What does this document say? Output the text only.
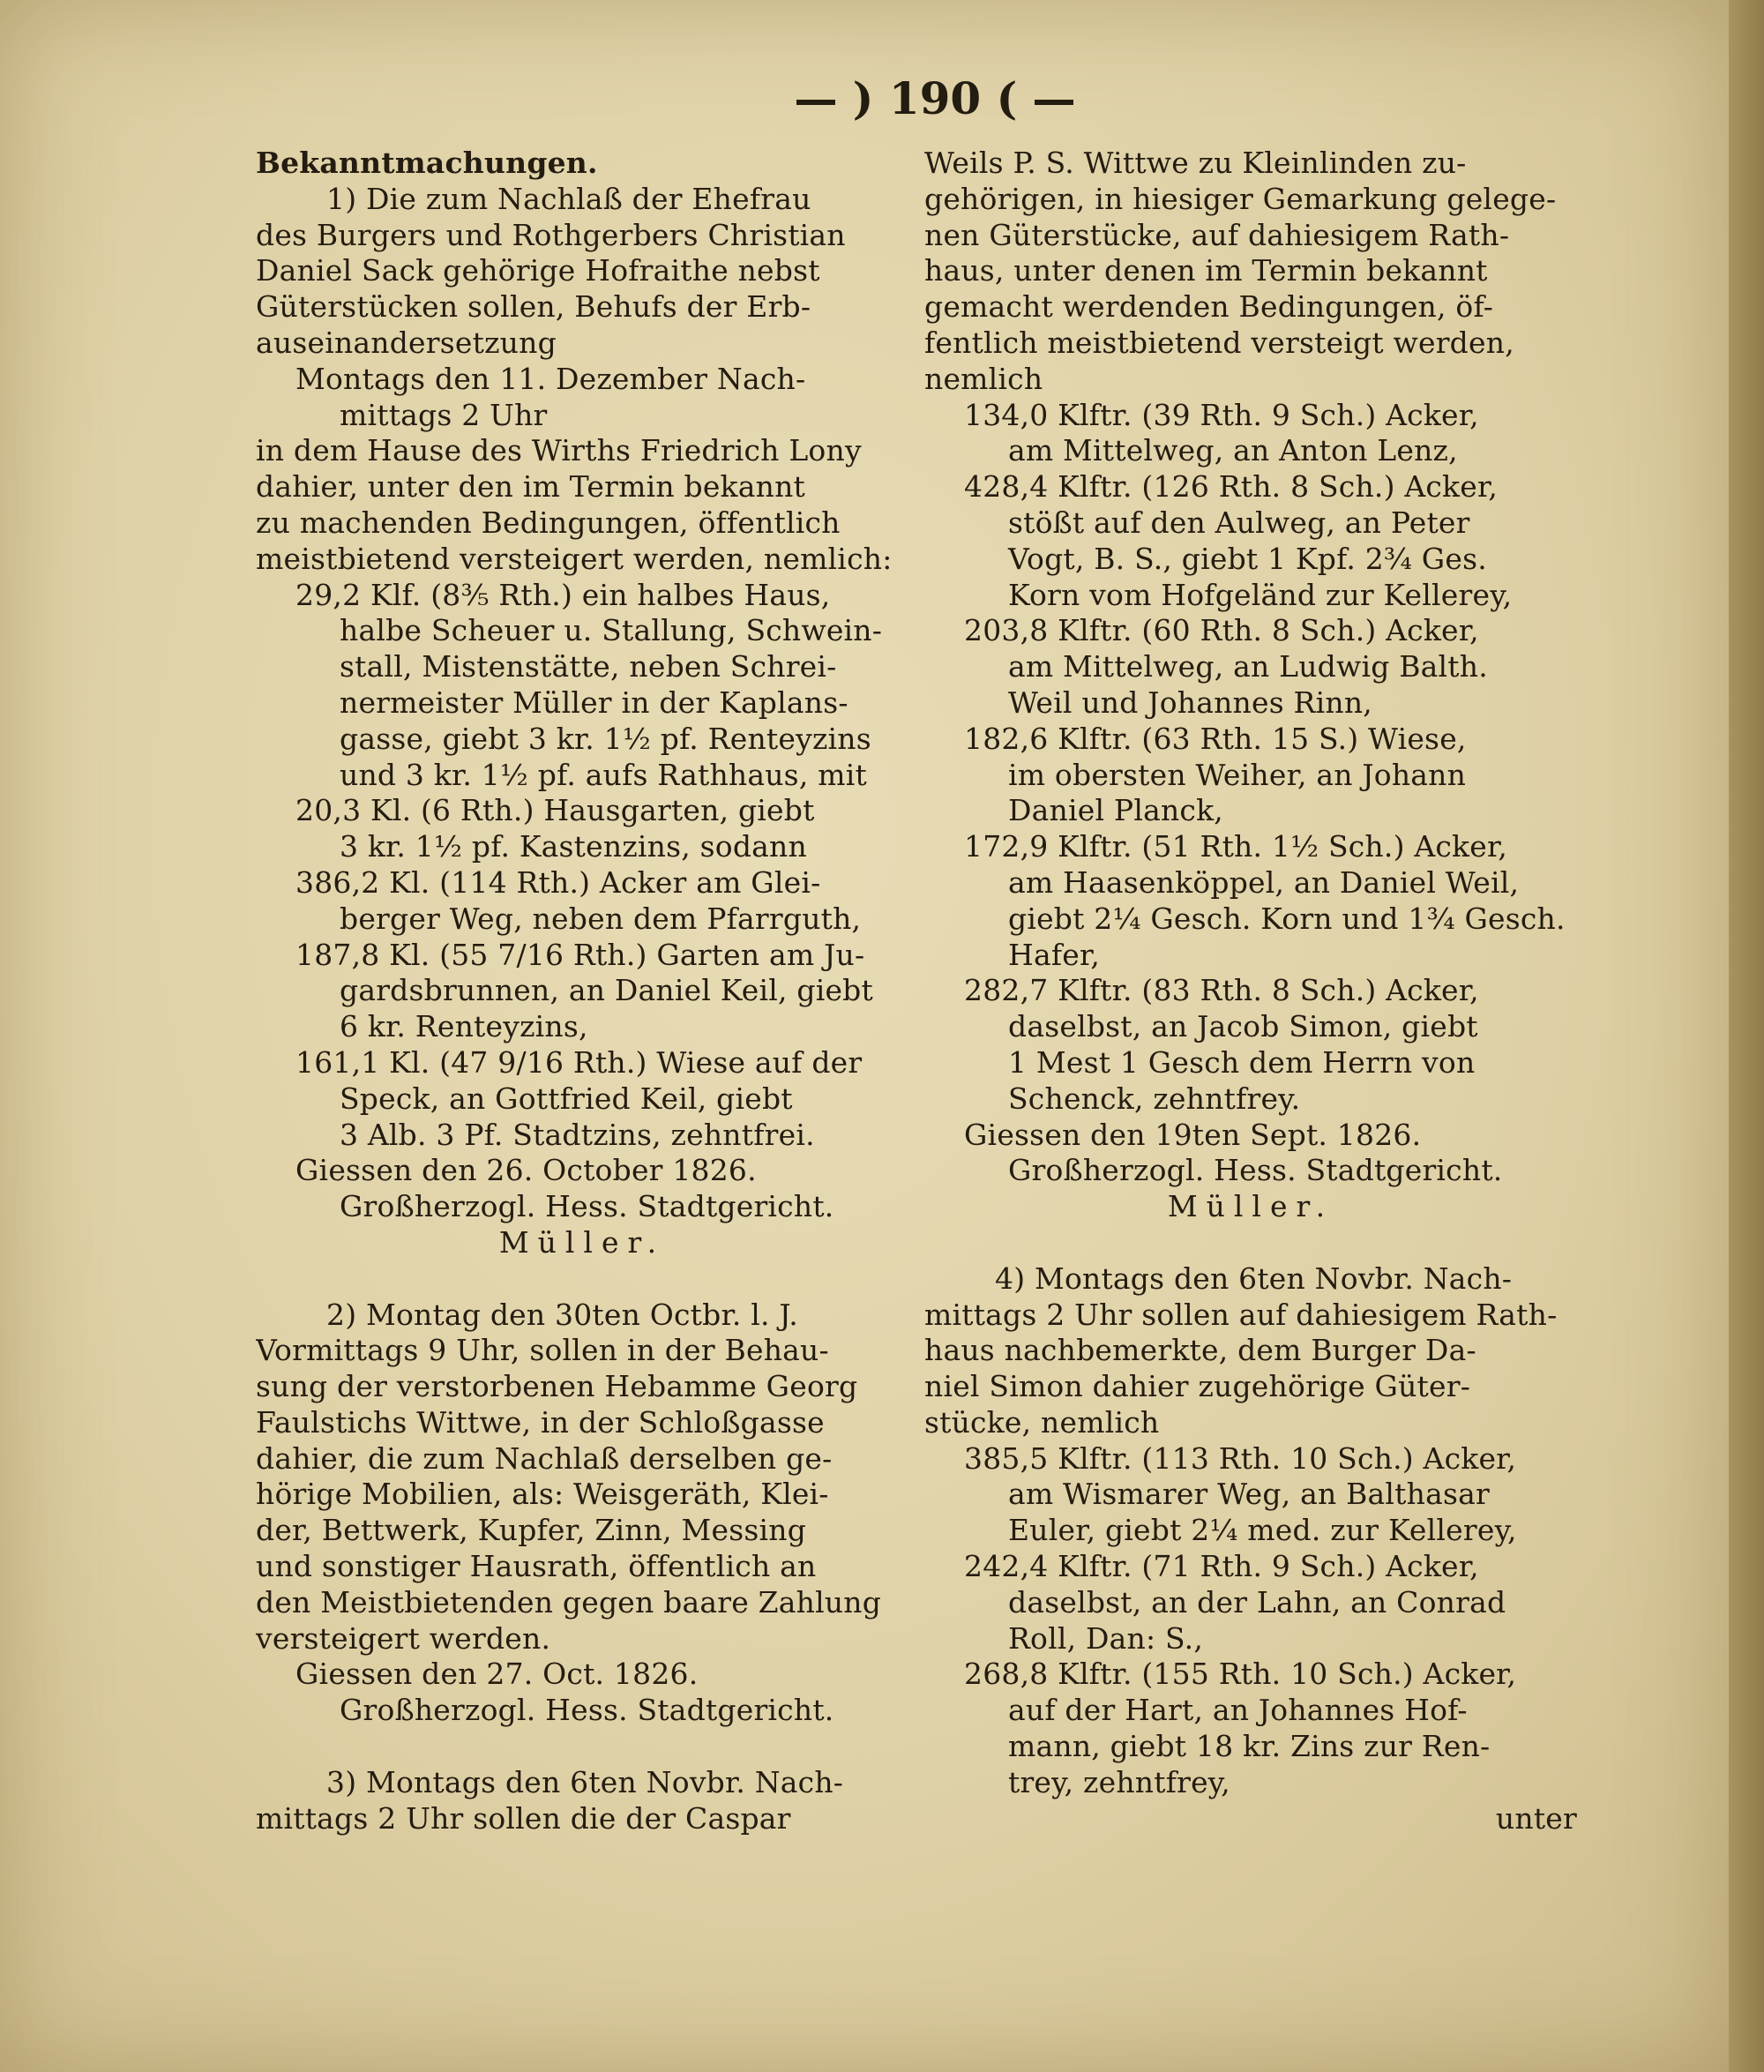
) 190 (
Bekanntmachungen.
1) Die zum Nachlaß der Ehefrau
des Burgers und Rothgerbers Christian
Daniel Sack gehörige Hofraithe nebst
Güterstücken sollen, Behufs der Erb-
auseinandersetzung
Montags den 11. Dezember Nach-
mittags 2 Uhr
in dem Hause des Wirths Friedrich Lony
dahier, unter den im Termin bekannt
zu machenden Bedingungen, öffentlich
meistbietend versteigert werden, nemlich:
29,2 Klf. (8⅗ Rth.) ein halbes Haus,
halbe Scheuer u. Stallung, Schwein-
stall, Mistenstätte, neben Schrei-
nermeister Müller in der Kaplans-
gasse, giebt 3 kr. 1½ pf. Renteyzins
und 3 kr. 1½ pf. aufs Rathhaus, mit
20,3 Kl. (6 Rth.) Hausgarten, giebt
3 kr. 1½ pf. Kastenzins, sodann
386,2 Kl. (114 Rth.) Acker am Glei-
berger Weg, neben dem Pfarrguth,
187,8 Kl. (55 7/16 Rth.) Garten am Ju-
gardsbrunnen, an Daniel Keil, giebt
6 kr. Renteyzins,
161,1 Kl. (47 9/16 Rth.) Wiese auf der
Speck, an Gottfried Keil, giebt
3 Alb. 3 Pf. Stadtzins, zehntfrei.
Giessen den 26. October 1826.
Großherzogl. Hess. Stadtgericht.
Müller.
2) Montag den 30ten Octbr. l. J.
Vormittags 9 Uhr, sollen in der Behau-
sung der verstorbenen Hebamme Georg
Faulstichs Wittwe, in der Schloßgasse
dahier, die zum Nachlaß derselben ge-
hörige Mobilien, als: Weisgeräth, Klei-
der, Bettwerk, Kupfer, Zinn, Messing
und sonstiger Hausrath, öffentlich an
den Meistbietenden gegen baare Zahlung
versteigert werden.
Giessen den 27. Oct. 1826.
Großherzogl. Hess. Stadtgericht.
3) Montags den 6ten Novbr. Nach-
mittags 2 Uhr sollen die der Caspar
Weils P. S. Wittwe zu Kleinlinden zu-
gehörigen, in hiesiger Gemarkung gelege-
nen Güterstücke, auf dahiesigem Rath-
haus, unter denen im Termin bekannt
gemacht werdenden Bedingungen, öf-
fentlich meistbietend versteigt werden,
nemlich
134,0 Klftr. (39 Rth. 9 Sch.) Acker,
am Mittelweg, an Anton Lenz,
428,4 Klftr. (126 Rth. 8 Sch.) Acker,
stößt auf den Aulweg, an Peter
Vogt, B. S., giebt 1 Kpf. 2¾ Ges.
Korn vom Hofgeländ zur Kellerey,
203,8 Klftr. (60 Rth. 8 Sch.) Acker,
am Mittelweg, an Ludwig Balth.
Weil und Johannes Rinn,
182,6 Klftr. (63 Rth. 15 S.) Wiese,
im obersten Weiher, an Johann
Daniel Planck,
172,9 Klftr. (51 Rth. 1½ Sch.) Acker,
am Haasenköppel, an Daniel Weil,
giebt 2¼ Gesch. Korn und 1¾ Gesch.
Hafer,
282,7 Klftr. (83 Rth. 8 Sch.) Acker,
daselbst, an Jacob Simon, giebt
1 Mest 1 Gesch dem Herrn von
Schenck, zehntfrey.
Giessen den 19ten Sept. 1826.
Großherzogl. Hess. Stadtgericht.
Müller.
4) Montags den 6ten Novbr. Nach-
mittags 2 Uhr sollen auf dahiesigem Rath-
haus nachbemerkte, dem Burger Da-
niel Simon dahier zugehörige Güter-
stücke, nemlich
385,5 Klftr. (113 Rth. 10 Sch.) Acker,
am Wismarer Weg, an Balthasar
Euler, giebt 2¼ med. zur Kellerey,
242,4 Klftr. (71 Rth. 9 Sch.) Acker,
daselbst, an der Lahn, an Conrad
Roll, Dan: S.,
268,8 Klftr. (155 Rth. 10 Sch.) Acker,
auf der Hart, an Johannes Hof-
mann, giebt 18 kr. Zins zur Ren-
trey, zehntfrey,
unter
